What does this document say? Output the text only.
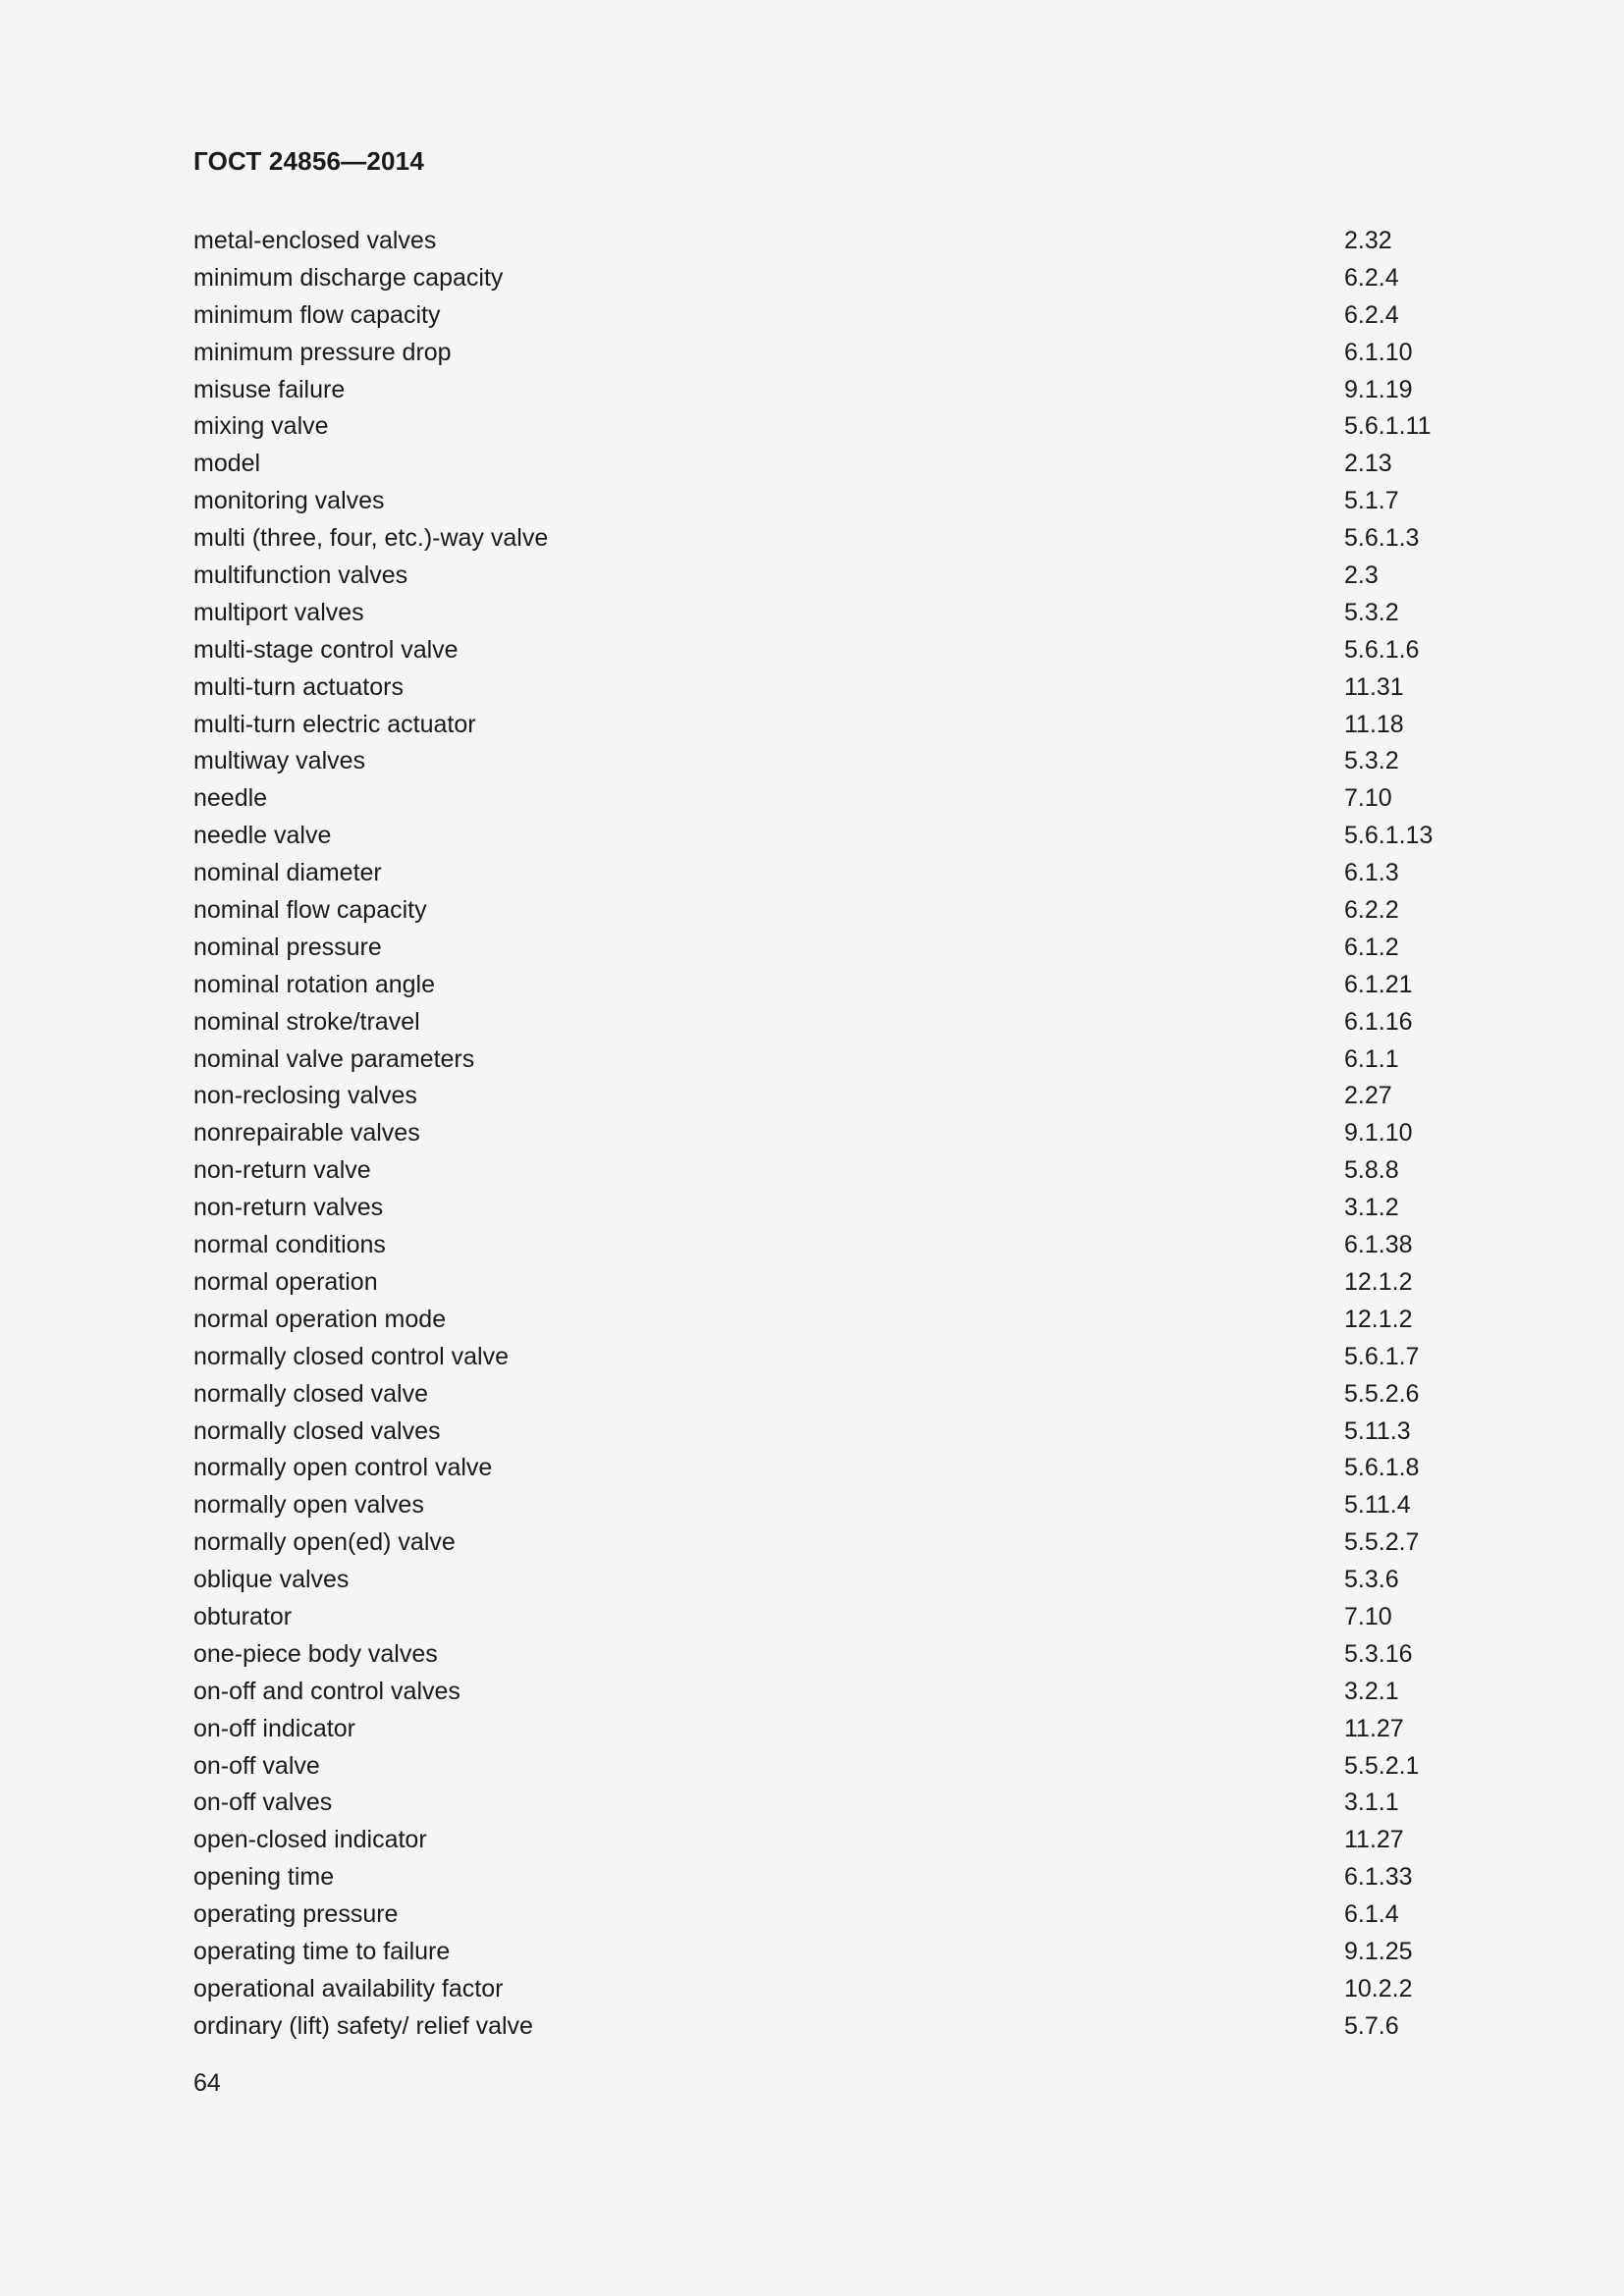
ГОСТ 24856—2014
metal-enclosed valves	2.32
minimum discharge capacity	6.2.4
minimum flow capacity	6.2.4
minimum pressure drop	6.1.10
misuse failure	9.1.19
mixing valve	5.6.1.11
model	2.13
monitoring valves	5.1.7
multi (three, four, etc.)-way valve	5.6.1.3
multifunction valves	2.3
multiport valves	5.3.2
multi-stage control valve	5.6.1.6
multi-turn actuators	11.31
multi-turn electric actuator	11.18
multiway valves	5.3.2
needle	7.10
needle valve	5.6.1.13
nominal diameter	6.1.3
nominal flow capacity	6.2.2
nominal pressure	6.1.2
nominal rotation angle	6.1.21
nominal stroke/travel	6.1.16
nominal valve parameters	6.1.1
non-reclosing valves	2.27
nonrepairable valves	9.1.10
non-return valve	5.8.8
non-return valves	3.1.2
normal conditions	6.1.38
normal operation	12.1.2
normal operation mode	12.1.2
normally closed control valve	5.6.1.7
normally closed valve	5.5.2.6
normally closed valves	5.11.3
normally open control valve	5.6.1.8
normally open valves	5.11.4
normally open(ed) valve	5.5.2.7
oblique valves	5.3.6
obturator	7.10
one-piece body valves	5.3.16
on-off and control valves	3.2.1
on-off indicator	11.27
on-off valve	5.5.2.1
on-off valves	3.1.1
open-closed indicator	11.27
opening time	6.1.33
operating pressure	6.1.4
operating time to failure	9.1.25
operational availability factor	10.2.2
ordinary (lift) safety/ relief valve	5.7.6
64
